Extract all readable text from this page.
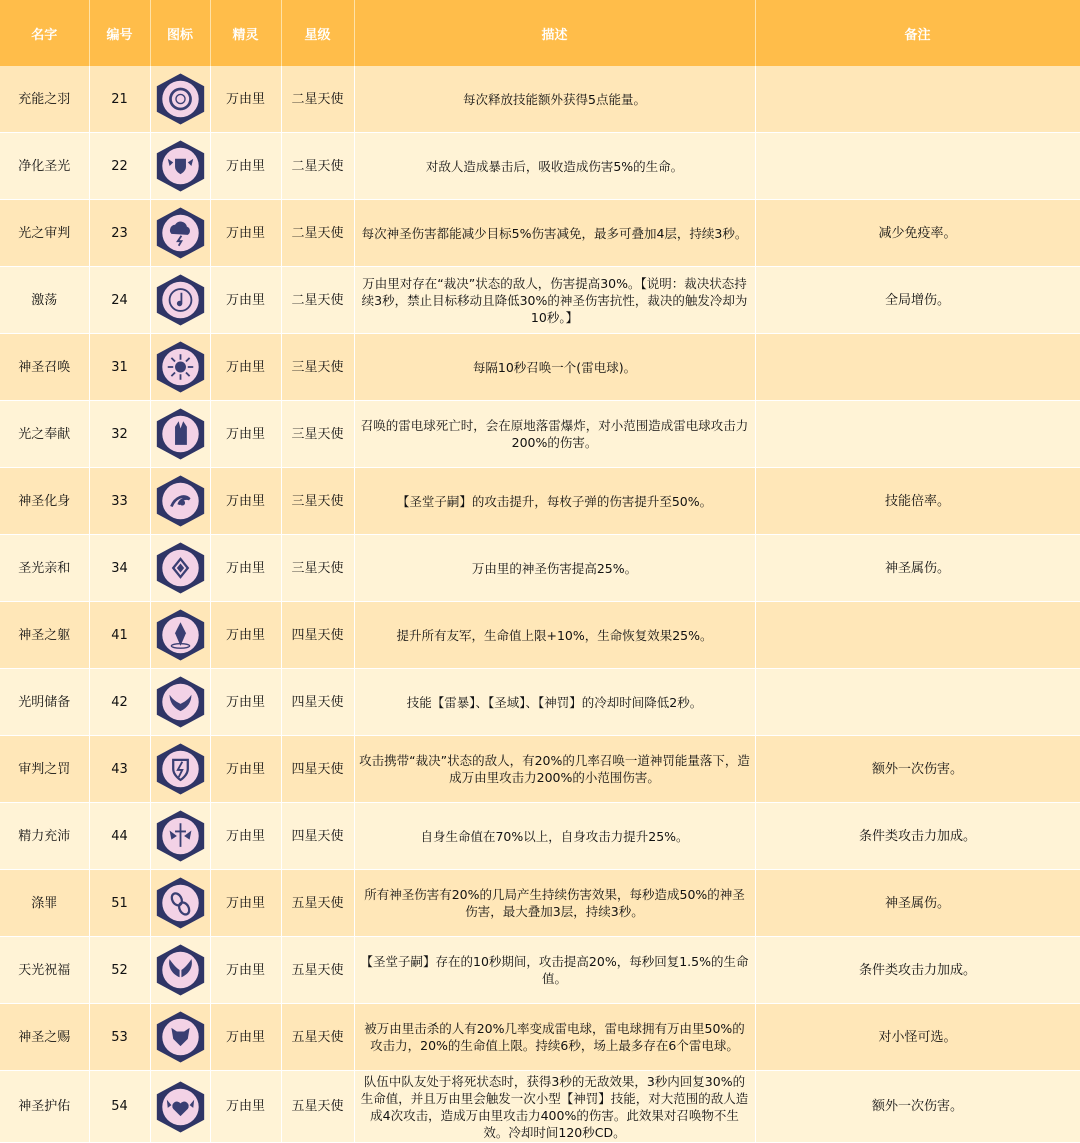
名字	编号	图标	精灵	星级	描述	备注
充能之羽	21		万由里	二星天使	每次释放技能额外获得5点能量。	
净化圣光	22		万由里	二星天使	对敌人造成暴击后，吸收造成伤害5%的生命。	
光之审判	23		万由里	二星天使	每次神圣伤害都能减少目标5%伤害减免，最多可叠加4层，持续3秒。	减少免疫率。
激荡	24		万由里	二星天使	万由里对存在“裁决”状态的敌人，伤害提高30%。【说明：裁决状态持续3秒，禁止目标移动且降低30%的神圣伤害抗性，裁决的触发冷却为10秒。】	全局增伤。
神圣召唤	31		万由里	三星天使	每隔10秒召唤一个(雷电球)。	
光之奉献	32		万由里	三星天使	召唤的雷电球死亡时，会在原地落雷爆炸，对小范围造成雷电球攻击力200%的伤害。	
神圣化身	33		万由里	三星天使	【圣堂子嗣】的攻击提升，每枚子弹的伤害提升至50%。	技能倍率。
圣光亲和	34		万由里	三星天使	万由里的神圣伤害提高25%。	神圣属伤。
神圣之躯	41		万由里	四星天使	提升所有友军，生命值上限+10%，生命恢复效果25%。	
光明储备	42		万由里	四星天使	技能【雷暴】、【圣域】、【神罚】的冷却时间降低2秒。	
审判之罚	43		万由里	四星天使	攻击携带“裁决”状态的敌人，有20%的几率召唤一道神罚能量落下，造成万由里攻击力200%的小范围伤害。	额外一次伤害。
精力充沛	44		万由里	四星天使	自身生命值在70%以上，自身攻击力提升25%。	条件类攻击力加成。
涤罪	51		万由里	五星天使	所有神圣伤害有20%的几局产生持续伤害效果，每秒造成50%的神圣伤害，最大叠加3层，持续3秒。	神圣属伤。
天光祝福	52		万由里	五星天使	【圣堂子嗣】存在的10秒期间，攻击提高20%，每秒回复1.5%的生命值。	条件类攻击力加成。
神圣之赐	53		万由里	五星天使	被万由里击杀的人有20%几率变成雷电球，雷电球拥有万由里50%的攻击力，20%的生命值上限。持续6秒，场上最多存在6个雷电球。	对小怪可选。
神圣护佑	54		万由里	五星天使	队伍中队友处于将死状态时，获得3秒的无敌效果，3秒内回复30%的生命值，并且万由里会触发一次小型【神罚】技能，对大范围的敌人造成4次攻击，造成万由里攻击力400%的伤害。此效果对召唤物不生效。冷却时间120秒CD。	额外一次伤害。
